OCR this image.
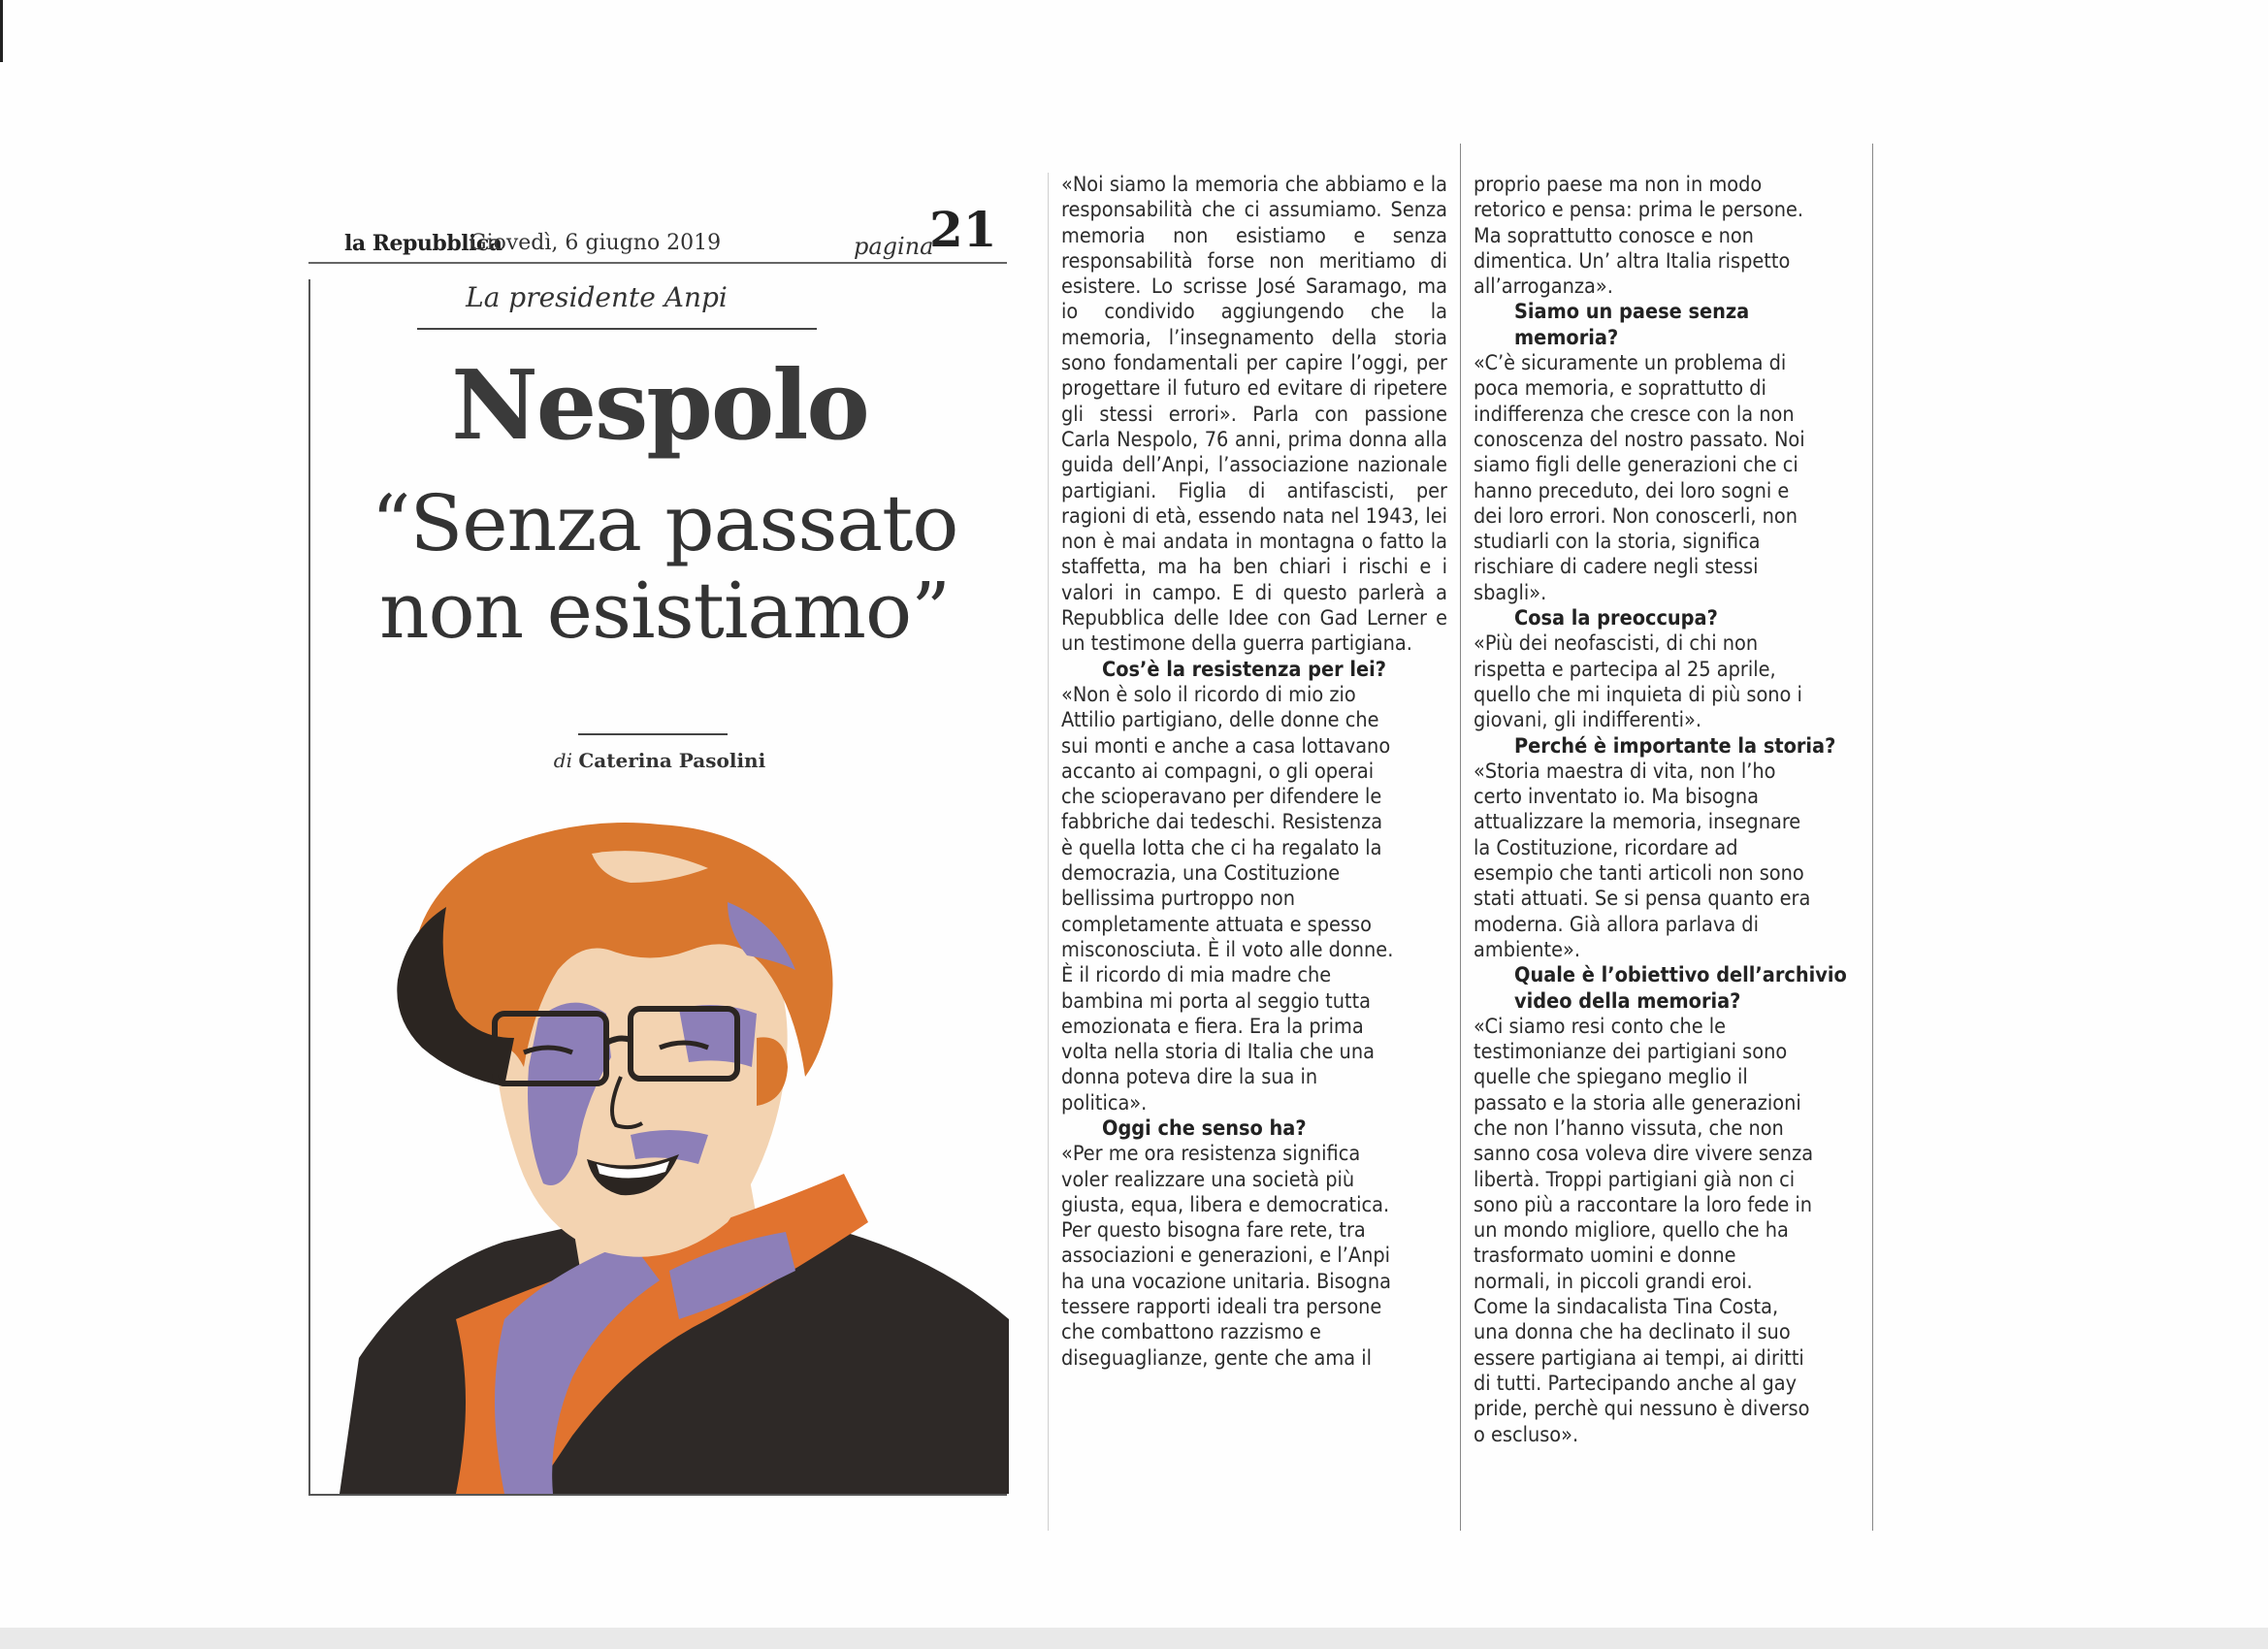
la Repubblica
Giovedì, 6 giugno 2019	pagina
21
La presidente Anpi
Nespolo
“Senza passato
non esistiamo”
di Caterina Pasolini

«Noi siamo la memoria che abbiamo e la responsabilità che ci assumiamo. Senza memoria non esistiamo e senza responsabilità forse non meritiamo di esistere. Lo scrisse José Saramago, ma io condivido aggiungendo che la memoria, l’insegnamento della storia sono fondamentali per capire l’oggi, per progettare il futuro ed evitare di ripetere gli stessi errori». Parla con passione Carla Nespolo, 76 anni, prima donna alla guida dell’Anpi, l’associazione nazionale partigiani. Figlia di antifascisti, per ragioni di età, essendo nata nel 1943, lei non è mai andata in montagna o fatto la staffetta, ma ha ben chiari i rischi e i valori in campo. E di questo parlerà a Repubblica delle Idee con Gad Lerner e un testimone della guerra partigiana.

Cos’è la resistenza per lei?

«Non è solo il ricordo di mio zio
Attilio partigiano, delle donne che
sui monti e anche a casa lottavano
accanto ai compagni, o gli operai
che scioperavano per difendere le
fabbriche dai tedeschi. Resistenza
è quella lotta che ci ha regalato la
democrazia, una Costituzione
bellissima purtroppo non
completamente attuata e spesso
misconosciuta. È il voto alle donne.
È il ricordo di mia madre che
bambina mi porta al seggio tutta
emozionata e fiera. Era la prima
volta nella storia di Italia che una
donna poteva dire la sua in
politica».

Oggi che senso ha?

«Per me ora resistenza significa
voler realizzare una società più
giusta, equa, libera e democratica.
Per questo bisogna fare rete, tra
associazioni e generazioni, e l’Anpi
ha una vocazione unitaria. Bisogna
tessere rapporti ideali tra persone
che combattono razzismo e
diseguaglianze, gente che ama il
proprio paese ma non in modo
retorico e pensa: prima le persone.
Ma soprattutto conosce e non
dimentica. Un’ altra Italia rispetto
all’arroganza».
Siamo un paese senza
memoria?
«C’è sicuramente un problema di
poca memoria, e soprattutto di
indifferenza che cresce con la non
conoscenza del nostro passato. Noi
siamo figli delle generazioni che ci
hanno preceduto, dei loro sogni e
dei loro errori. Non conoscerli, non
studiarli con la storia, significa
rischiare di cadere negli stessi
sbagli».

Cosa la preoccupa?

«Più dei neofascisti, di chi non
rispetta e partecipa al 25 aprile,
quello che mi inquieta di più sono i
giovani, gli indifferenti».

Perché è importante la storia?

«Storia maestra di vita, non l’ho
certo inventato io. Ma bisogna
attualizzare la memoria, insegnare
la Costituzione, ricordare ad
esempio che tanti articoli non sono
stati attuati. Se si pensa quanto era
moderna. Già allora parlava di
ambiente».
Quale è l’obiettivo dell’archivio
video della memoria?
«Ci siamo resi conto che le
testimonianze dei partigiani sono
quelle che spiegano meglio il
passato e la storia alle generazioni
che non l’hanno vissuta, che non
sanno cosa voleva dire vivere senza
libertà. Troppi partigiani già non ci
sono più a raccontare la loro fede in
un mondo migliore, quello che ha
trasformato uomini e donne
normali, in piccoli grandi eroi.
Come la sindacalista Tina Costa,
una donna che ha declinato il suo
essere partigiana ai tempi, ai diritti
di tutti. Partecipando anche al gay
pride, perchè qui nessuno è diverso
o escluso».
